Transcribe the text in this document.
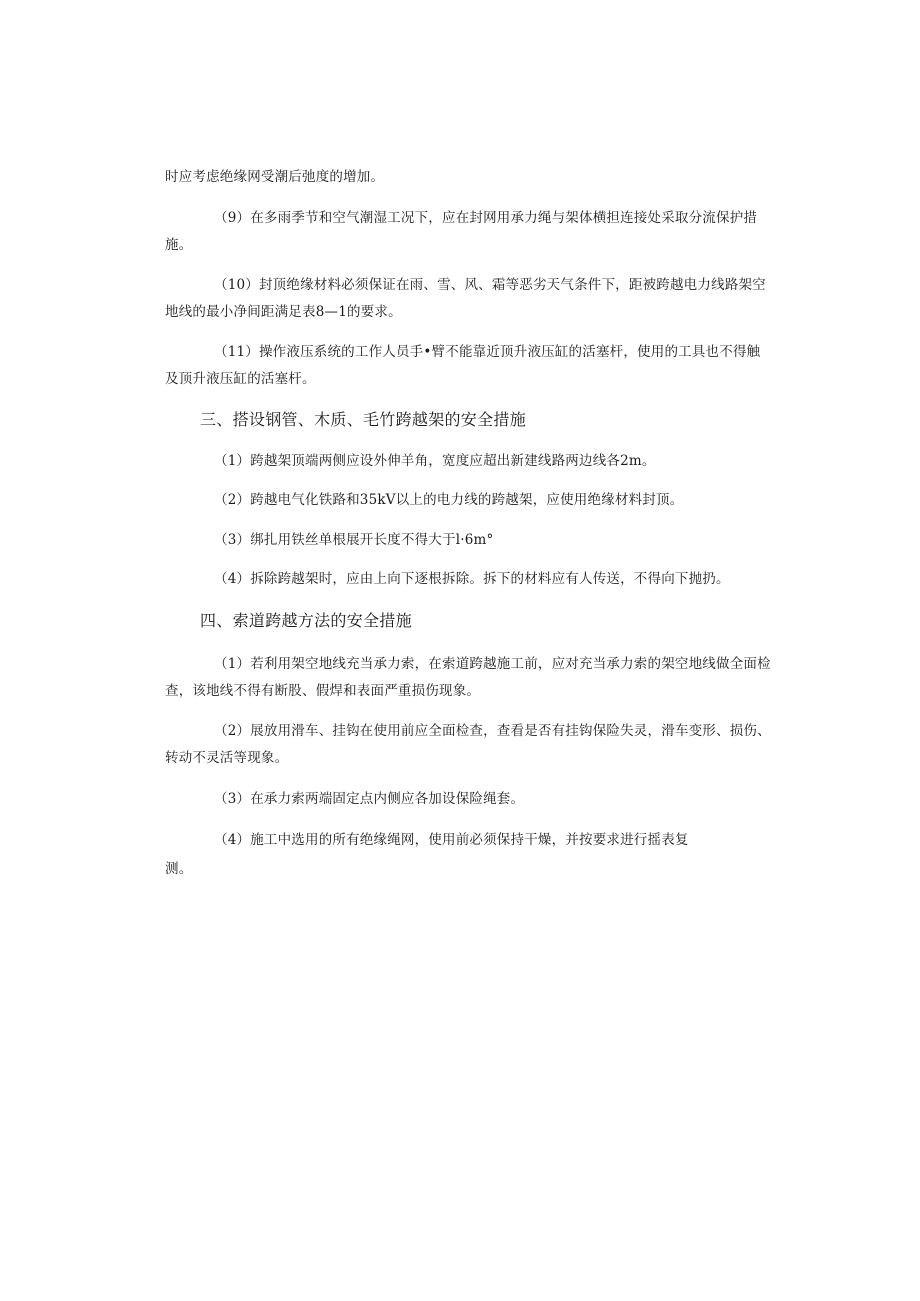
时应考虑绝缘网受潮后弛度的增加。
（9）在多雨季节和空气潮湿工况下，应在封网用承力绳与架体横担连接处采取分流保护措
施。
（10）封顶绝缘材料必须保证在雨、雪、风、霜等恶劣天气条件下，距被跨越电力线路架空
地线的最小净间距满足表8—1的要求。
（11）操作液压系统的工作人员手•臂不能靠近顶升液压缸的活塞杆，使用的工具也不得触
及顶升液压缸的活塞杆。
三、搭设钢管、木质、毛竹跨越架的安全措施
（1）跨越架顶端两侧应设外伸羊角，宽度应超出新建线路两边线各2m。
（2）跨越电气化铁路和35kV以上的电力线的跨越架，应使用绝缘材料封顶。
（3）绑扎用铁丝单根展开长度不得大于l·6m°
（4）拆除跨越架时，应由上向下逐根拆除。拆下的材料应有人传送，不得向下抛扔。
四、索道跨越方法的安全措施
（1）若利用架空地线充当承力索，在索道跨越施工前，应对充当承力索的架空地线做全面检
查，该地线不得有断股、假焊和表面严重损伤现象。
（2）展放用滑车、挂钩在使用前应全面检查，查看是否有挂钩保险失灵，滑车变形、损伤、
转动不灵活等现象。
（3）在承力索两端固定点内侧应各加设保险绳套。
（4）施工中选用的所有绝缘绳网，使用前必须保持干燥，并按要求进行摇表复
测。
